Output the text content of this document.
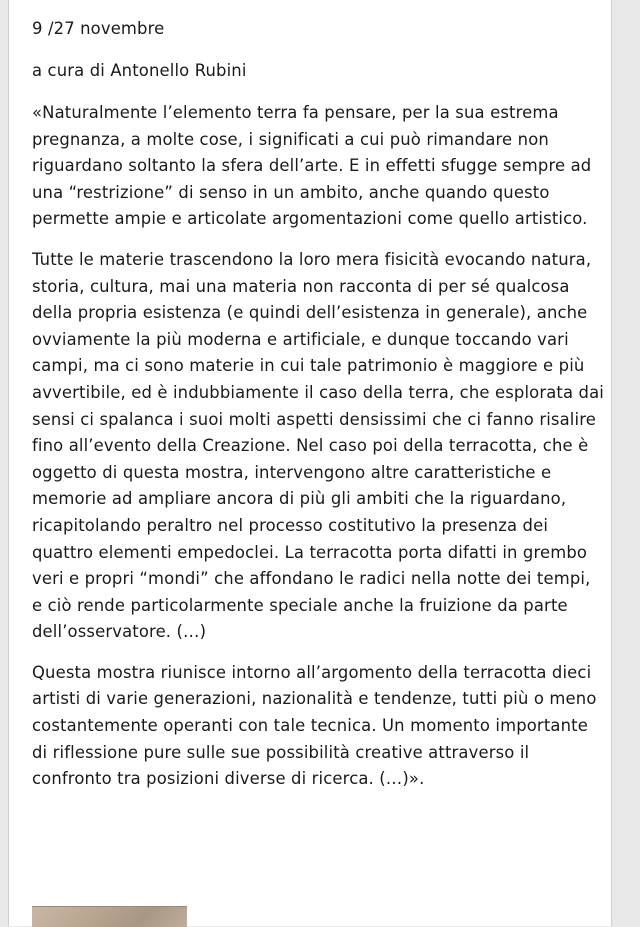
9 /27 novembre
a cura di Antonello Rubini

«Naturalmente l’elemento terra fa pensare, per la sua estrema pregnanza, a molte cose, i significati a cui può rimandare non riguardano soltanto la sfera dell’arte. E in effetti sfugge sempre ad una “restrizione” di senso in un ambito, anche quando questo permette ampie e articolate argomentazioni come quello artistico.

Tutte le materie trascendono la loro mera fisicità evocando natura, storia, cultura, mai una materia non racconta di per sé qualcosa della propria esistenza (e quindi dell’esistenza in generale), anche ovviamente la più moderna e artificiale, e dunque toccando vari campi, ma ci sono materie in cui tale patrimonio è maggiore e più avvertibile, ed è indubbiamente il caso della terra, che esplorata dai sensi ci spalanca i suoi molti aspetti densissimi che ci fanno risalire fino all’evento della Creazione. Nel caso poi della terracotta, che è oggetto di questa mostra, intervengono altre caratteristiche e memorie ad ampliare ancora di più gli ambiti che la riguardano, ricapitolando peraltro nel processo costitutivo la presenza dei quattro elementi empedoclei. La terracotta porta difatti in grembo veri e propri “mondi” che affondano le radici nella notte dei tempi, e ciò rende particolarmente speciale anche la fruizione da parte dell’osservatore. (…)

Questa mostra riunisce intorno all’argomento della terracotta dieci artisti di varie generazioni, nazionalità e tendenze, tutti più o meno costantemente operanti con tale tecnica. Un momento importante di riflessione pure sulle sue possibilità creative attraverso il confronto tra posizioni diverse di ricerca. (…)».
